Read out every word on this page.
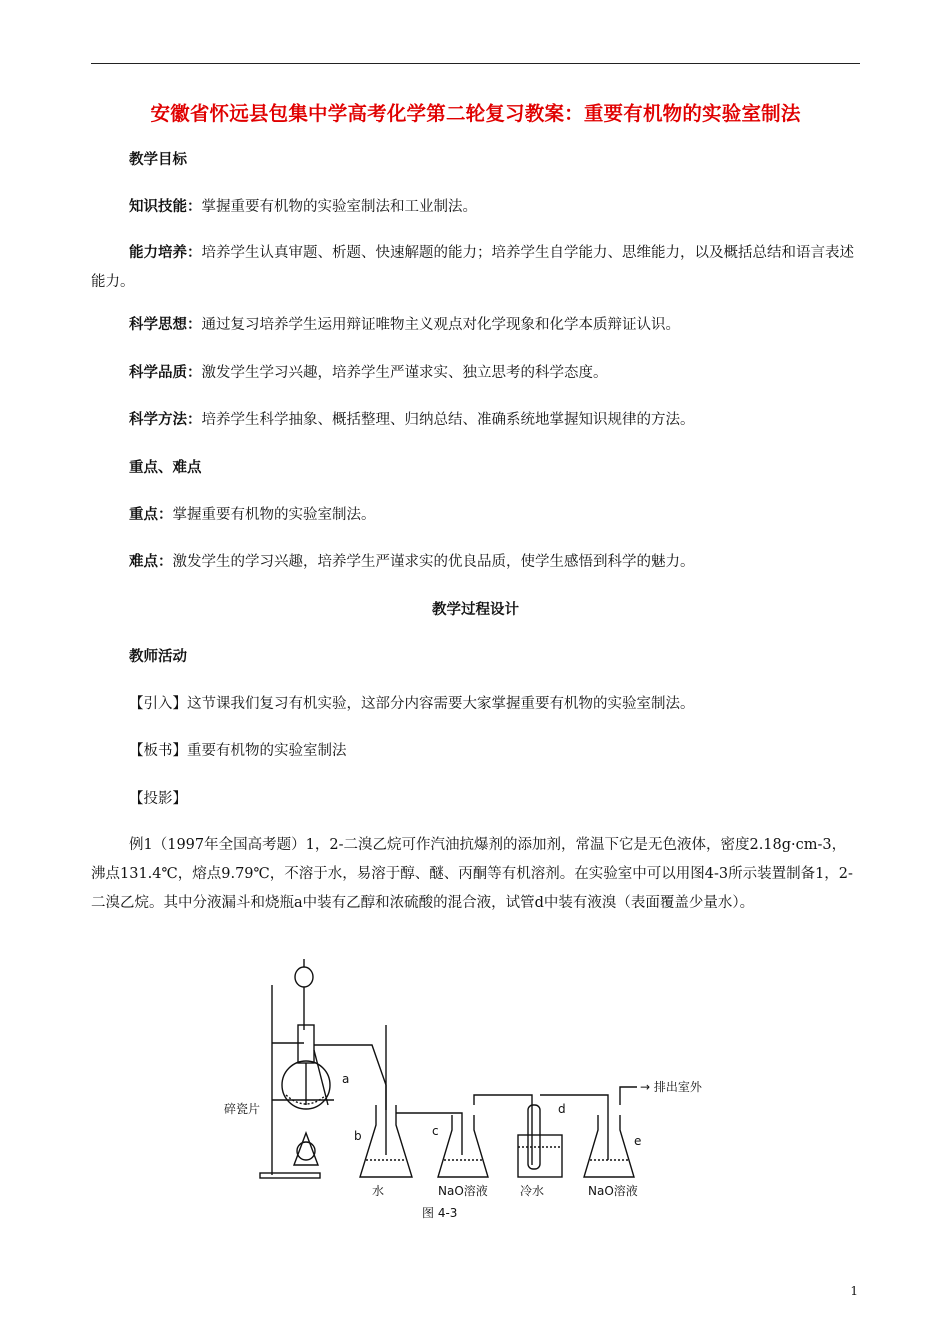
安徽省怀远县包集中学高考化学第二轮复习教案：重要有机物的实验室制法
教学目标
知识技能：掌握重要有机物的实验室制法和工业制法。
能力培养：培养学生认真审题、析题、快速解题的能力；培养学生自学能力、思维能力，以及概括总结和语言表述能力。
科学思想：通过复习培养学生运用辩证唯物主义观点对化学现象和化学本质辩证认识。
科学品质：激发学生学习兴趣，培养学生严谨求实、独立思考的科学态度。
科学方法：培养学生科学抽象、概括整理、归纳总结、准确系统地掌握知识规律的方法。
重点、难点
重点：掌握重要有机物的实验室制法。
难点：激发学生的学习兴趣，培养学生严谨求实的优良品质，使学生感悟到科学的魅力。
教学过程设计
教师活动
【引入】这节课我们复习有机实验，这部分内容需要大家掌握重要有机物的实验室制法。
【板书】重要有机物的实验室制法
【投影】
例1（1997年全国高考题）1，2-二溴乙烷可作汽油抗爆剂的添加剂，常温下它是无色液体，密度2.18g·cm-3，沸点131.4℃，熔点9.79℃，不溶于水，易溶于醇、醚、丙酮等有机溶剂。在实验室中可以用图4-3所示装置制备1，2-二溴乙烷。其中分液漏斗和烧瓶a中装有乙醇和浓硫酸的混合液，试管d中装有液溴（表面覆盖少量水）。
碎瓷片
a
b	c
d
e
水	NaO溶液	冷水	NaO溶液
→ 排出室外
图 4-3
1
